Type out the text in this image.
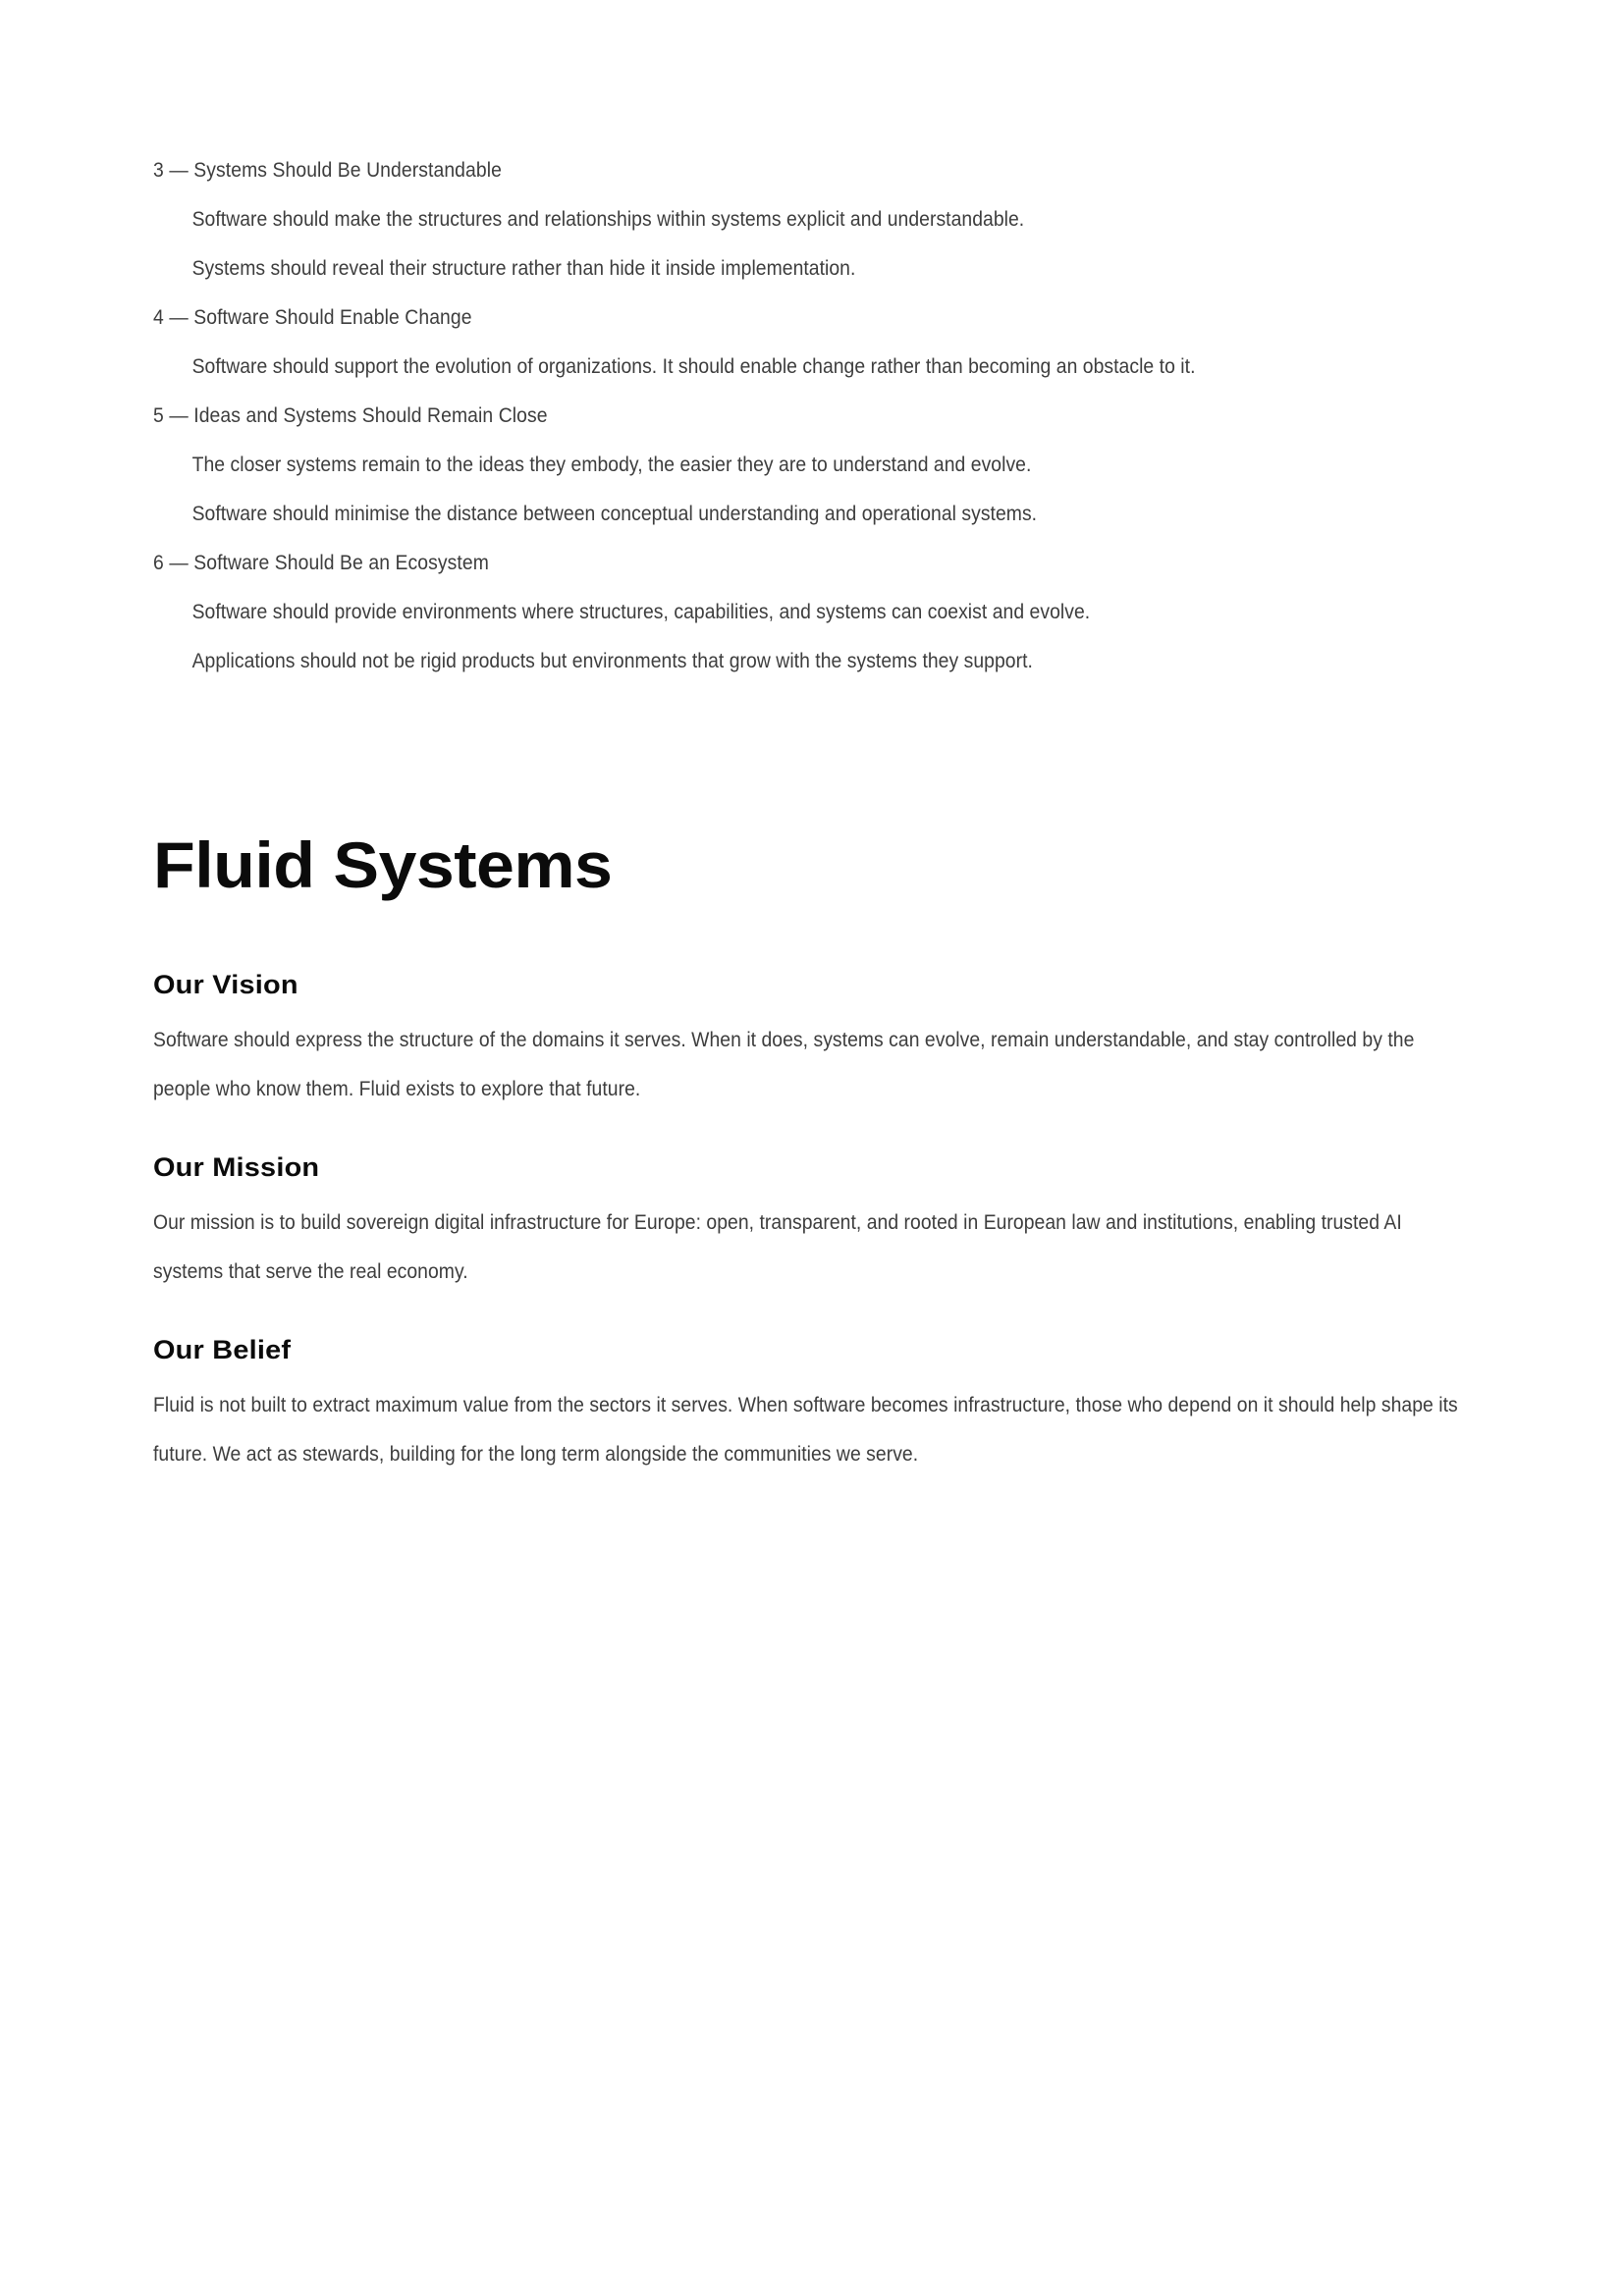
3 — Systems Should Be Understandable
Software should make the structures and relationships within systems explicit and understandable.
Systems should reveal their structure rather than hide it inside implementation.
4 — Software Should Enable Change
Software should support the evolution of organizations. It should enable change rather than becoming an obstacle to it.
5 — Ideas and Systems Should Remain Close
The closer systems remain to the ideas they embody, the easier they are to understand and evolve.
Software should minimise the distance between conceptual understanding and operational systems.
6 — Software Should Be an Ecosystem
Software should provide environments where structures, capabilities, and systems can coexist and evolve.
Applications should not be rigid products but environments that grow with the systems they support.
Fluid Systems
Our Vision

Software should express the structure of the domains it serves. When it does, systems can evolve, remain understandable, and stay controlled by the people who know them. Fluid exists to explore that future.

Our Mission

Our mission is to build sovereign digital infrastructure for Europe: open, transparent, and rooted in European law and institutions, enabling trusted AI systems that serve the real economy.

Our Belief

Fluid is not built to extract maximum value from the sectors it serves. When software becomes infrastructure, those who depend on it should help shape its future. We act as stewards, building for the long term alongside the communities we serve.
